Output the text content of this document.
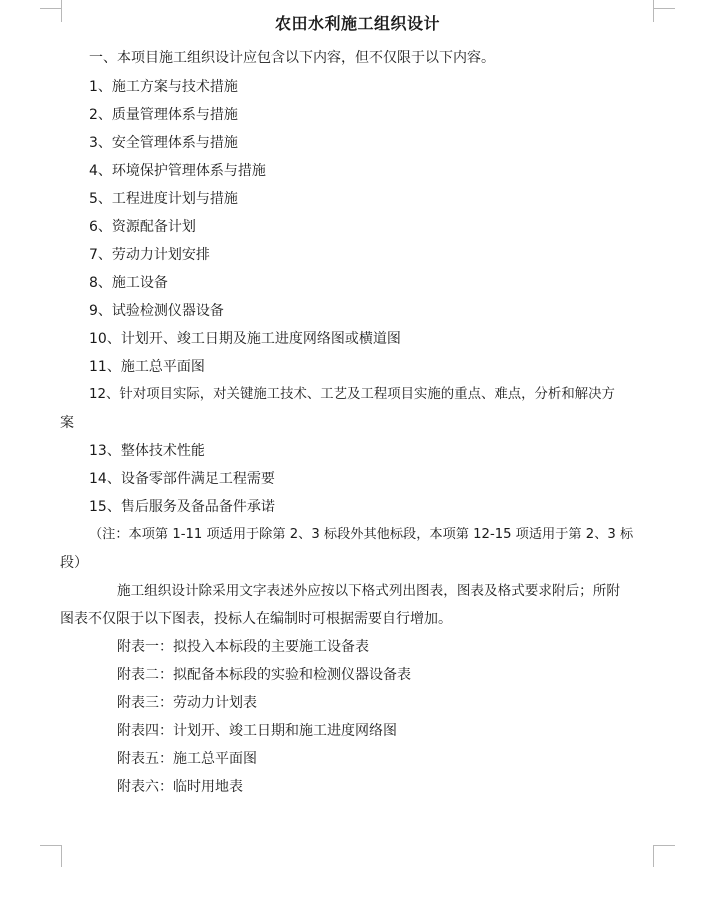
农田水利施工组织设计
一、本项目施工组织设计应包含以下内容，但不仅限于以下内容。
1、施工方案与技术措施
2、质量管理体系与措施
3、安全管理体系与措施
4、环境保护管理体系与措施
5、工程进度计划与措施
6、资源配备计划
7、劳动力计划安排
8、施工设备
9、试验检测仪器设备
10、计划开、竣工日期及施工进度网络图或横道图
11、施工总平面图
12、针对项目实际，对关键施工技术、工艺及工程项目实施的重点、难点，分析和解决方
案
13、整体技术性能
14、设备零部件满足工程需要
15、售后服务及备品备件承诺
（注：本项第 1-11 项适用于除第 2、3 标段外其他标段，本项第 12-15 项适用于第 2、3 标
段）
施工组织设计除采用文字表述外应按以下格式列出图表，图表及格式要求附后；所附
图表不仅限于以下图表，投标人在编制时可根据需要自行增加。
附表一：拟投入本标段的主要施工设备表
附表二：拟配备本标段的实验和检测仪器设备表
附表三：劳动力计划表
附表四：计划开、竣工日期和施工进度网络图
附表五：施工总平面图
附表六：临时用地表
